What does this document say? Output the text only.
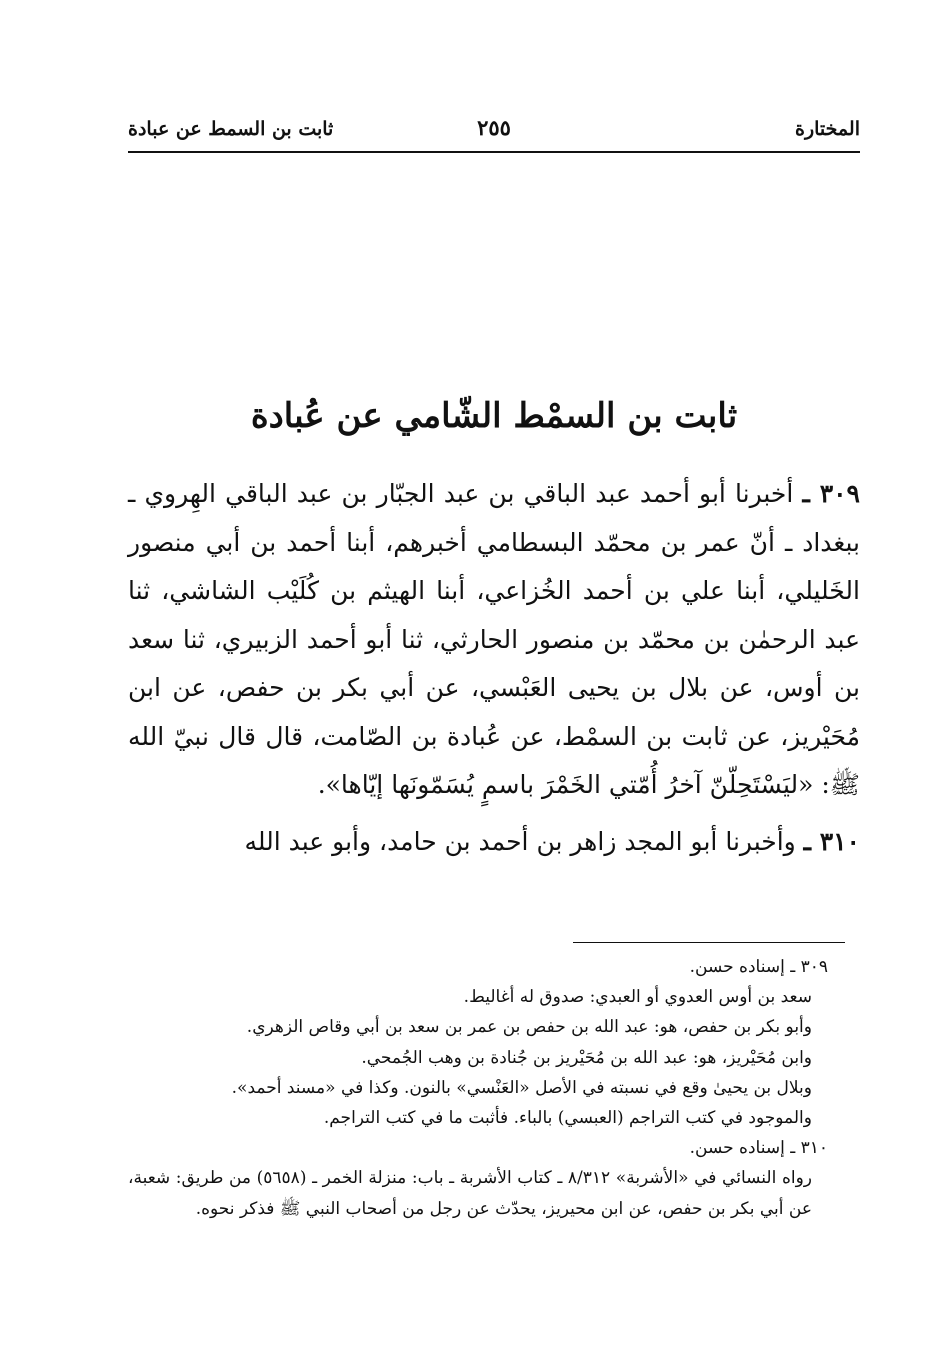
المختارة
٢٥٥
ثابت بن السمط عن عبادة
ثابت بن السمْط الشّامي عن عُبادة

٣٠٩ ـ أخبرنا أبو أحمد عبد الباقي بن عبد الجبّار بن عبد الباقي الهِروي ـ ببغداد ـ أنّ عمر بن محمّد البسطامي أخبرهم، أبنا أحمد بن أبي منصور الخَليلي، أبنا علي بن أحمد الخُزاعي، أبنا الهيثم بن كُلَيْب الشاشي، ثنا عبد الرحمٰن بن محمّد بن منصور الحارثي، ثنا أبو أحمد الزبيري، ثنا سعد بن أوس، عن بلال بن يحيى العَبْسي، عن أبي بكر بن حفص، عن ابن مُحَيْريز، عن ثابت بن السمْط، عن عُبادة بن الصّامت، قال قال نبيّ الله ﷺ: «ليَسْتَحِلّنّ آخرُ أُمّتي الخَمْرَ باسمٍ يُسَمّونَها إيّاها».

٣١٠ ـ وأخبرنا أبو المجد زاهر بن أحمد بن حامد، وأبو عبد الله

٣٠٩ ـ إسناده حسن.

سعد بن أوس العدوي أو العبدي: صدوق له أغاليط.

وأبو بكر بن حفص، هو: عبد الله بن حفص بن عمر بن سعد بن أبي وقاص الزهري.

وابن مُحَيْريز، هو: عبد الله بن مُحَيْريز بن جُنادة بن وهب الجُمحي.

وبلال بن يحيىٰ وقع في نسبته في الأصل «العَنْسي» بالنون. وكذا في «مسند أحمد».

والموجود في كتب التراجم (العبسي) بالباء. فأثبت ما في كتب التراجم.

٣١٠ ـ إسناده حسن.

رواه النسائي في «الأشربة» ٨/٣١٢ ـ كتاب الأشربة ـ باب: منزلة الخمر ـ (٥٦٥٨) من طريق: شعبة، عن أبي بكر بن حفص، عن ابن محيريز، يحدّث عن رجل من أصحاب النبي ﷺ فذكر نحوه.
